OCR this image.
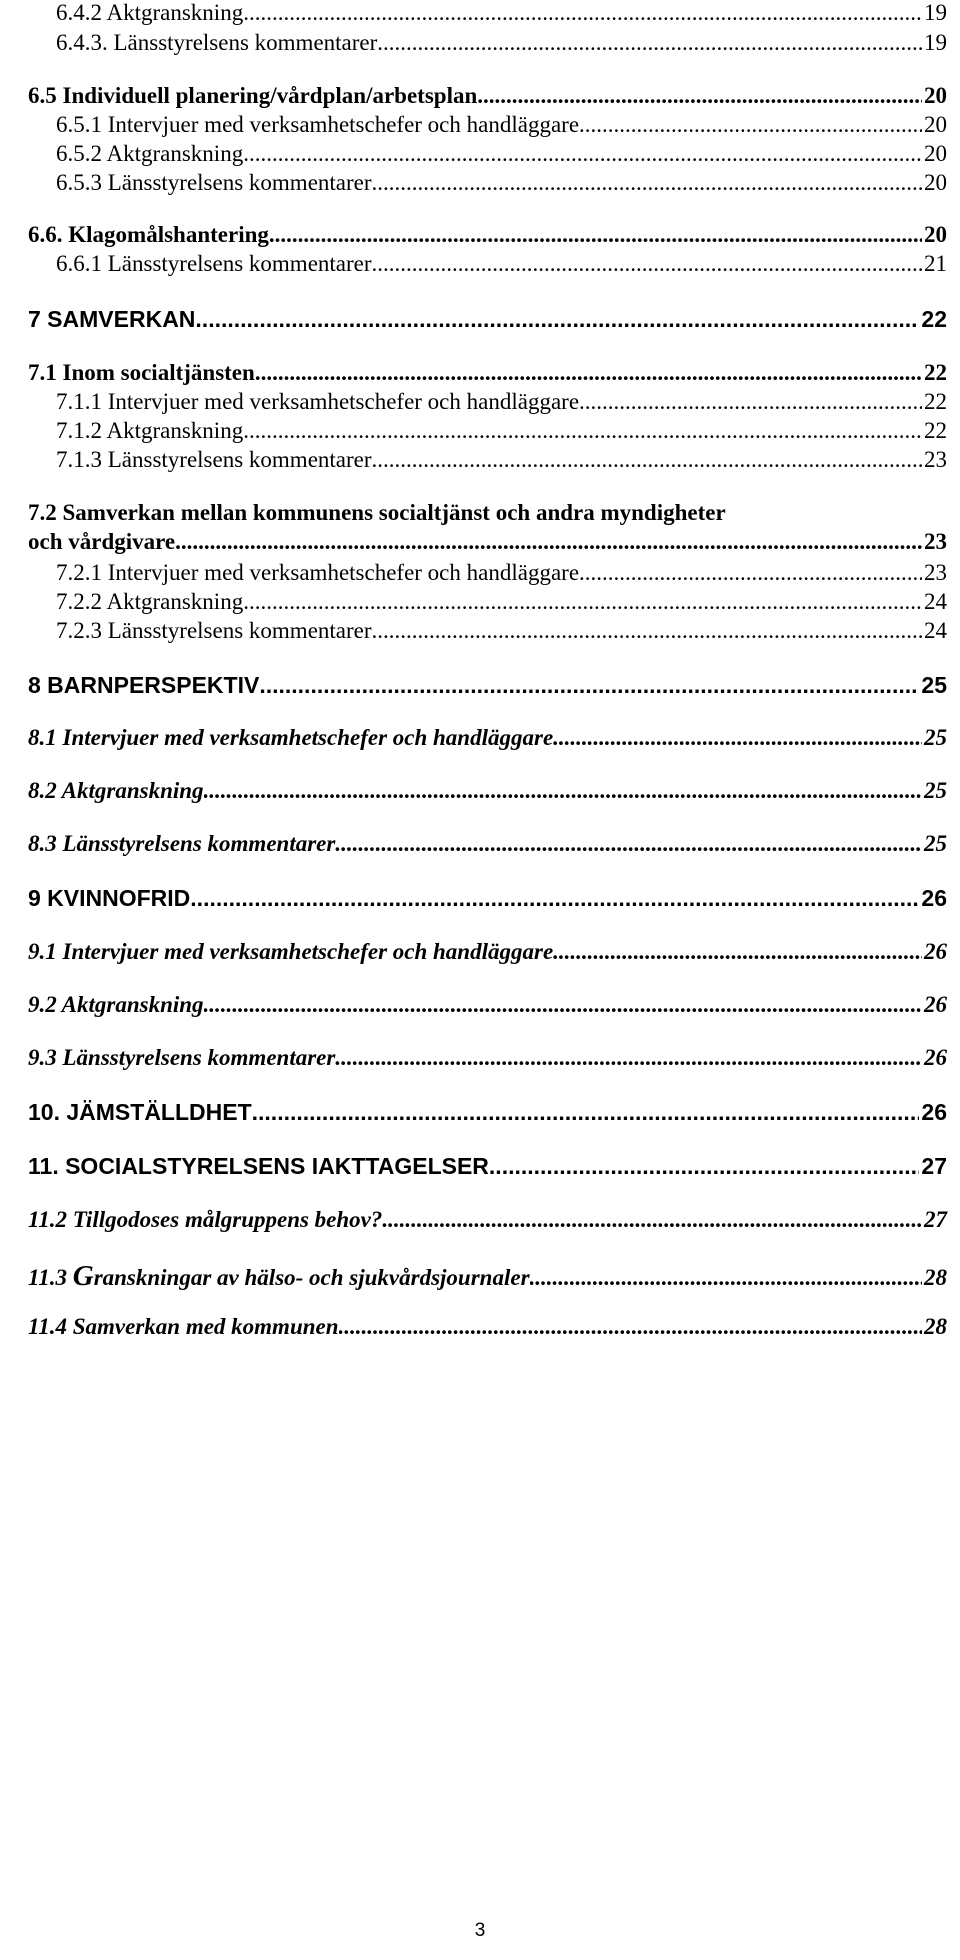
6.4.2 Aktgranskning .....	19
6.4.3. Länsstyrelsens kommentarer .....	19
6.5 Individuell planering/vårdplan/arbetsplan .....	20
6.5.1 Intervjuer med verksamhetschefer och handläggare .....	20
6.5.2 Aktgranskning .....	20
6.5.3 Länsstyrelsens kommentarer .....	20
6.6. Klagomålshantering .....	20
6.6.1 Länsstyrelsens kommentarer .....	21
7 SAMVERKAN .....	22
7.1 Inom socialtjänsten .....	22
7.1.1 Intervjuer med verksamhetschefer och handläggare .....	22
7.1.2 Aktgranskning .....	22
7.1.3 Länsstyrelsens kommentarer .....	23
7.2 Samverkan mellan kommunens socialtjänst och andra myndigheter
och vårdgivare .....	23
7.2.1 Intervjuer med verksamhetschefer och handläggare .....	23
7.2.2 Aktgranskning .....	24
7.2.3 Länsstyrelsens kommentarer .....	24
8 BARNPERSPEKTIV .....	25
8.1 Intervjuer med verksamhetschefer och handläggare .....	25
8.2 Aktgranskning .....	25
8.3 Länsstyrelsens kommentarer .....	25
9 KVINNOFRID .....	26
9.1 Intervjuer med verksamhetschefer och handläggare .....	26
9.2 Aktgranskning .....	26
9.3 Länsstyrelsens kommentarer .....	26
10. JÄMSTÄLLDHET .....	26
11. SOCIALSTYRELSENS IAKTTAGELSER .....	27
11.2 Tillgodoses målgruppens behov? .....	27
11.3 Granskningar av hälso- och sjukvårdsjournaler .....	28
11.4 Samverkan med kommunen .....	28
3
